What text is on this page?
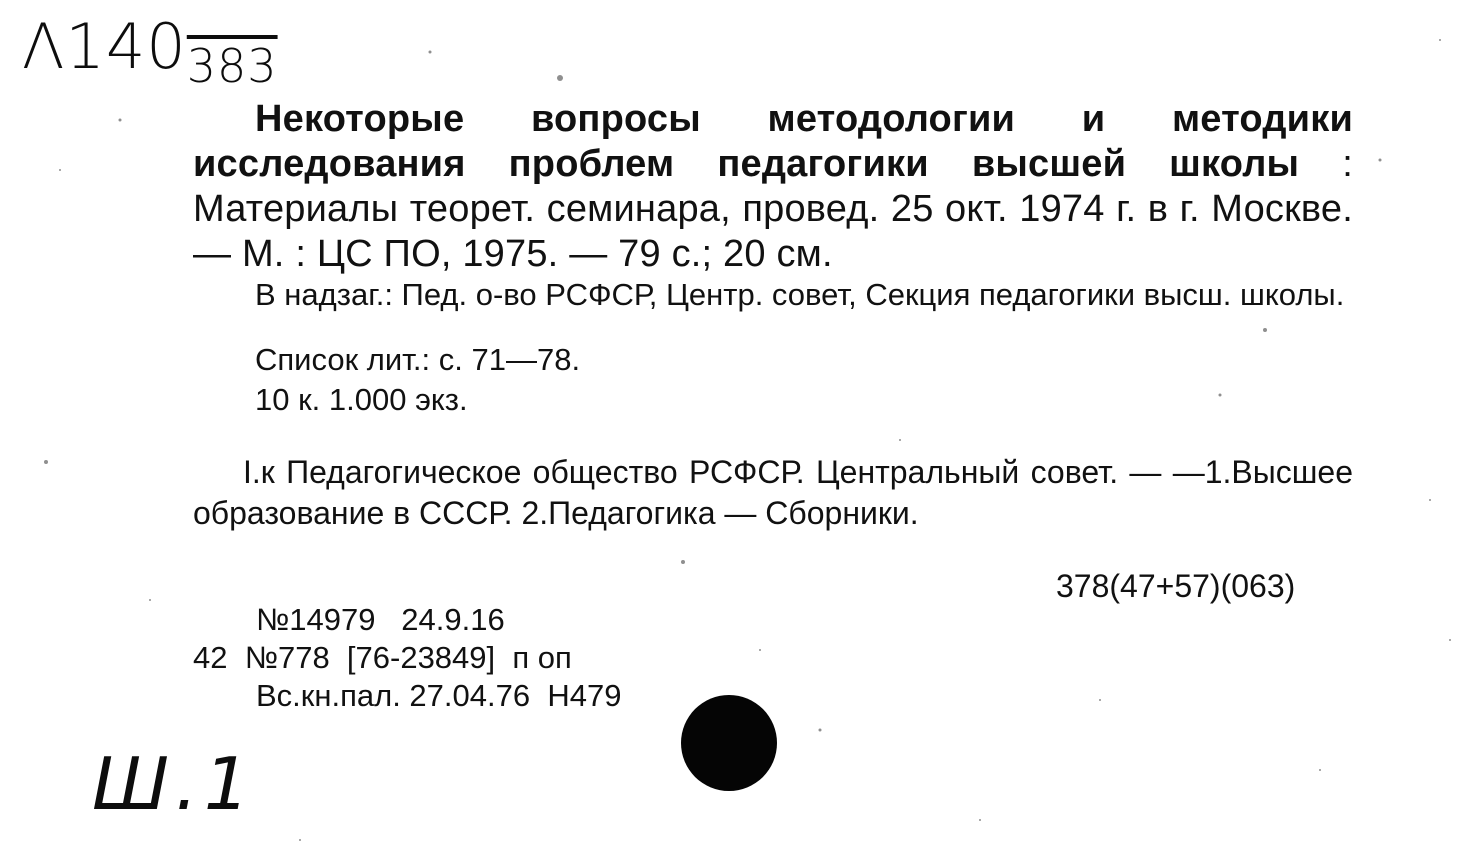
$\Lambda 140_{383}$
Некоторые вопросы методологии и методики исследования проблем педагогики высшей школы : Материалы теорет. семинара, провед. 25 окт. 1974 г. в г. Москве. — М. : ЦС ПО, 1975. — 79 с.; 20 см.
В надзаг.: Пед. о-во РСФСР, Центр. совет, Секция педагогики высш. школы.
Список лит.: с. 71—78.
10 к. 1.000 экз.
I.к Педагогическое общество РСФСР. Центральный совет. — —1.Высшее образование в СССР. 2.Педагогика — Сборники.
378(47+57)(063)
№14979   24.9.16
42  №778  [76-23849]  п оп
Вс.кн.пал. 27.04.76  Н479
Ш.1
